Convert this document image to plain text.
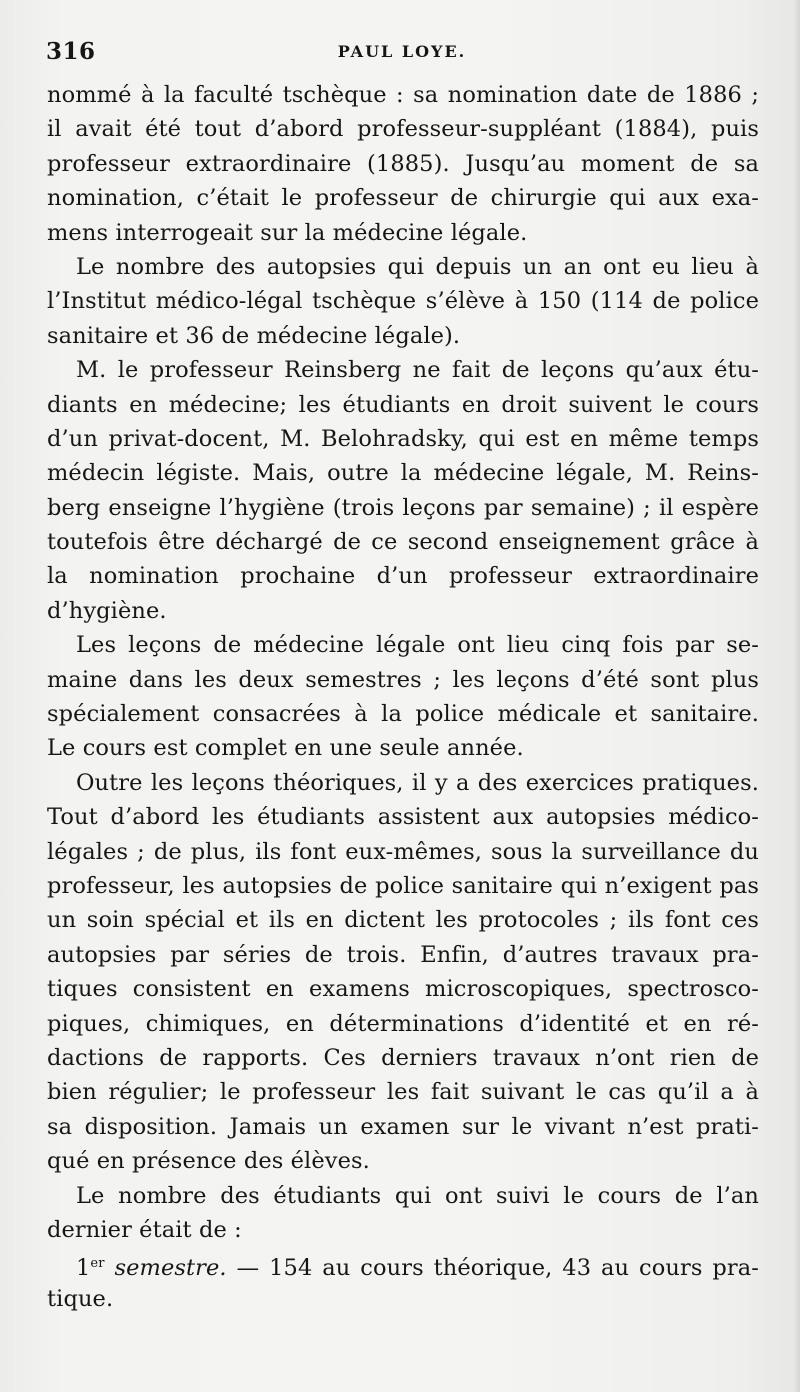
316	PAUL LOYE.
nommé à la faculté tschèque : sa nomination date de 1886 ;
il avait été tout d’abord professeur-suppléant (1884), puis
professeur extraordinaire (1885). Jusqu’au moment de sa
nomination, c’était le professeur de chirurgie qui aux exa-
mens interrogeait sur la médecine légale.
Le nombre des autopsies qui depuis un an ont eu lieu à
l’Institut médico-légal tschèque s’élève à 150 (114 de police
sanitaire et 36 de médecine légale).
M. le professeur Reinsberg ne fait de leçons qu’aux étu-
diants en médecine; les étudiants en droit suivent le cours
d’un privat-docent, M. Belohradsky, qui est en même temps
médecin légiste. Mais, outre la médecine légale, M. Reins-
berg enseigne l’hygiène (trois leçons par semaine) ; il espère
toutefois être déchargé de ce second enseignement grâce à
la nomination prochaine d’un professeur extraordinaire
d’hygiène.
Les leçons de médecine légale ont lieu cinq fois par se-
maine dans les deux semestres ; les leçons d’été sont plus
spécialement consacrées à la police médicale et sanitaire.
Le cours est complet en une seule année.
Outre les leçons théoriques, il y a des exercices pratiques.
Tout d’abord les étudiants assistent aux autopsies médico-
légales ; de plus, ils font eux-mêmes, sous la surveillance du
professeur, les autopsies de police sanitaire qui n’exigent pas
un soin spécial et ils en dictent les protocoles ; ils font ces
autopsies par séries de trois. Enfin, d’autres travaux pra-
tiques consistent en examens microscopiques, spectrosco-
piques, chimiques, en déterminations d’identité et en ré-
dactions de rapports. Ces derniers travaux n’ont rien de
bien régulier; le professeur les fait suivant le cas qu’il a à
sa disposition. Jamais un examen sur le vivant n’est prati-
qué en présence des élèves.
Le nombre des étudiants qui ont suivi le cours de l’an
dernier était de :
1er semestre. — 154 au cours théorique, 43 au cours pra-
tique.
